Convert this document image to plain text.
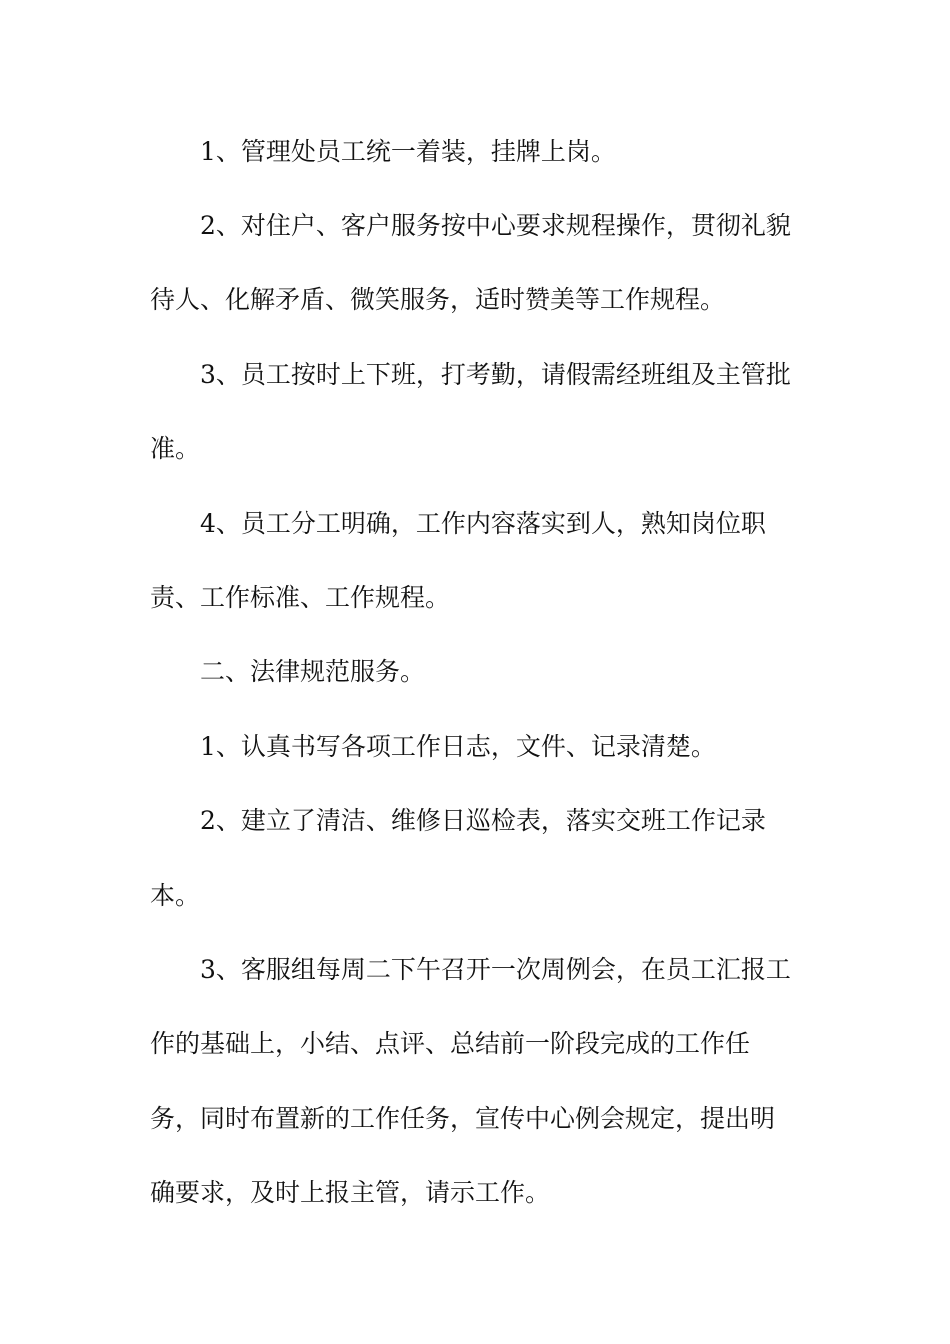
1、管理处员工统一着装，挂牌上岗。
2、对住户、客户服务按中心要求规程操作，贯彻礼貌
待人、化解矛盾、微笑服务，适时赞美等工作规程。
3、员工按时上下班，打考勤，请假需经班组及主管批
准。
4、员工分工明确，工作内容落实到人，熟知岗位职
责、工作标准、工作规程。
二、法律规范服务。
1、认真书写各项工作日志，文件、记录清楚。
2、建立了清洁、维修日巡检表，落实交班工作记录
本。
3、客服组每周二下午召开一次周例会，在员工汇报工
作的基础上，小结、点评、总结前一阶段完成的工作任
务，同时布置新的工作任务，宣传中心例会规定，提出明
确要求，及时上报主管，请示工作。
